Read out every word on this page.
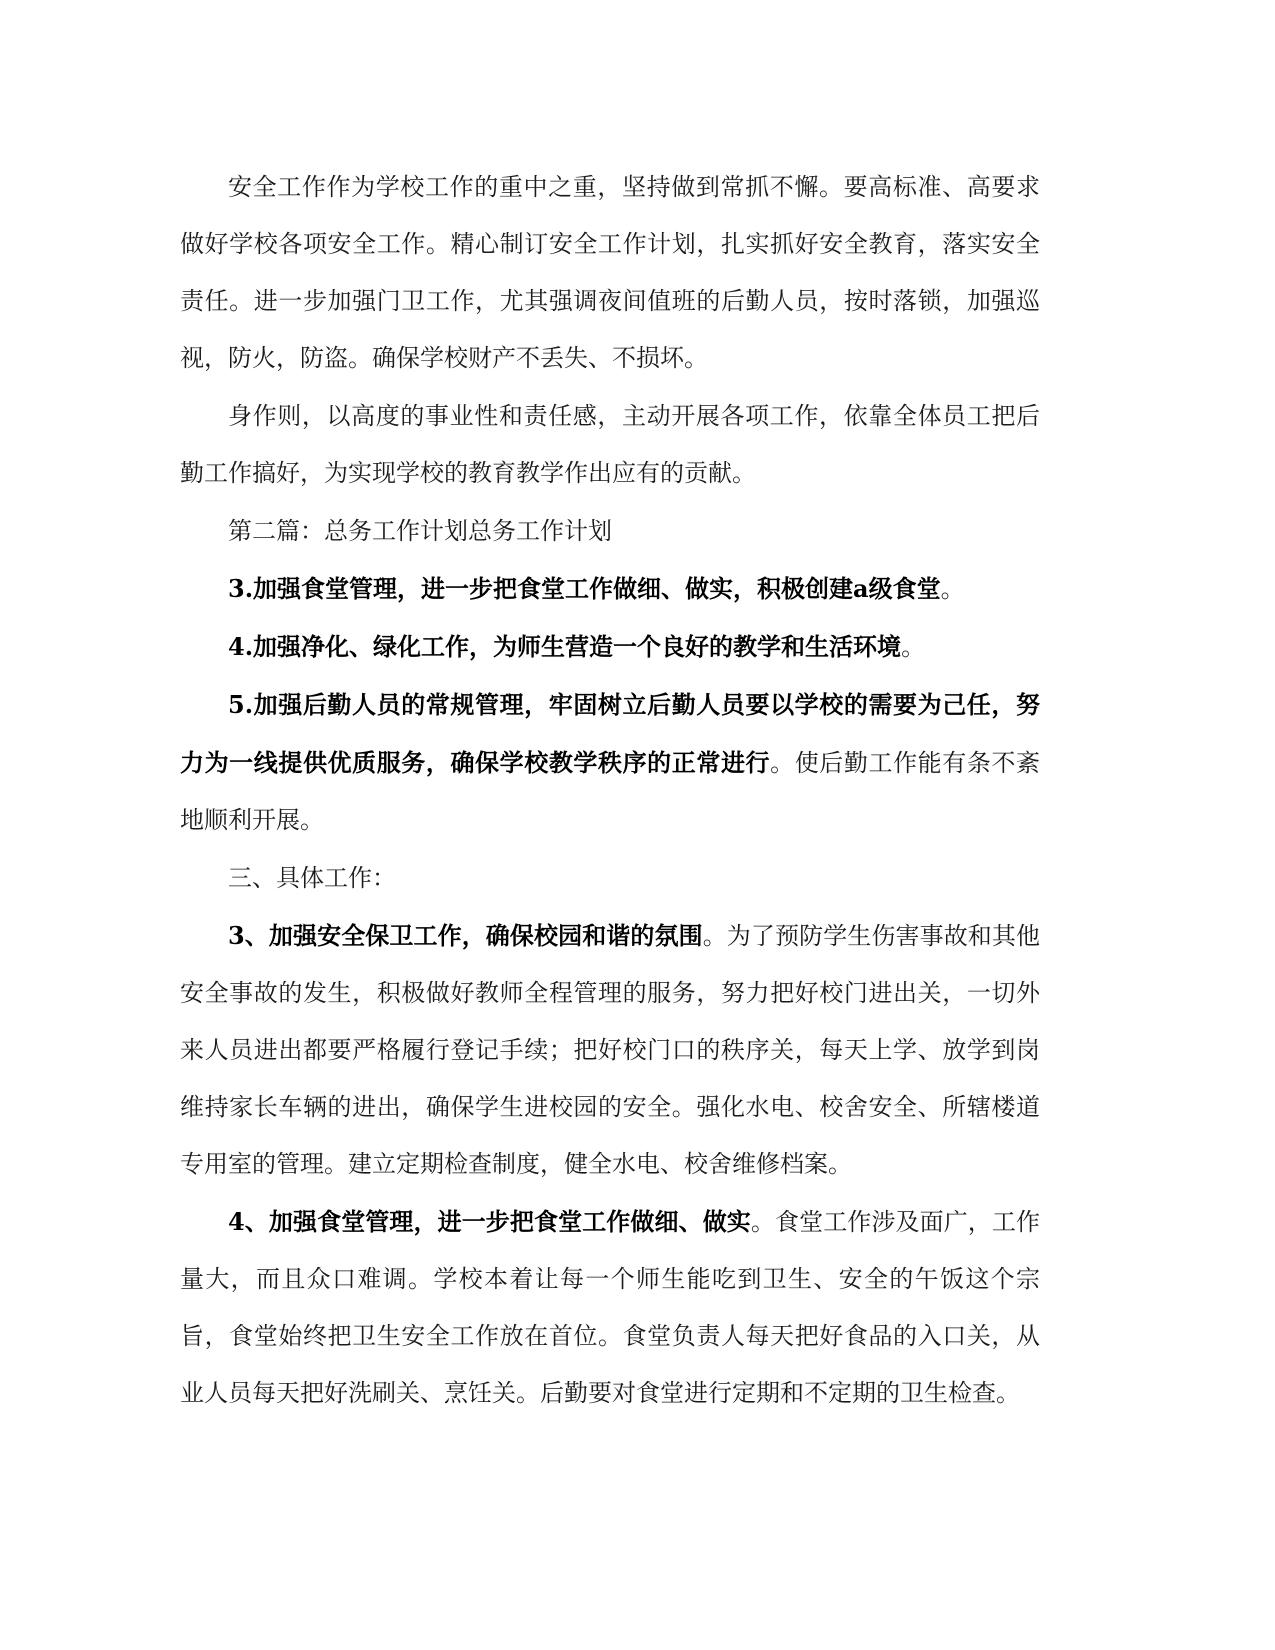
安全工作作为学校工作的重中之重，坚持做到常抓不懈。要高标准、高要求做好学校各项安全工作。精心制订安全工作计划，扎实抓好安全教育，落实安全责任。进一步加强门卫工作，尤其强调夜间值班的后勤人员，按时落锁，加强巡视，防火，防盗。确保学校财产不丢失、不损坏。

身作则，以高度的事业性和责任感，主动开展各项工作，依靠全体员工把后勤工作搞好，为实现学校的教育教学作出应有的贡献。

第二篇：总务工作计划总务工作计划

3.加强食堂管理，进一步把食堂工作做细、做实，积极创建a级食堂。

4.加强净化、绿化工作，为师生营造一个良好的教学和生活环境。

5.加强后勤人员的常规管理，牢固树立后勤人员要以学校的需要为己任，努力为一线提供优质服务，确保学校教学秩序的正常进行。使后勤工作能有条不紊地顺利开展。

三、具体工作：

3、加强安全保卫工作，确保校园和谐的氛围。为了预防学生伤害事故和其他安全事故的发生，积极做好教师全程管理的服务，努力把好校门进出关，一切外来人员进出都要严格履行登记手续；把好校门口的秩序关，每天上学、放学到岗维持家长车辆的进出，确保学生进校园的安全。强化水电、校舍安全、所辖楼道专用室的管理。建立定期检查制度，健全水电、校舍维修档案。

4、加强食堂管理，进一步把食堂工作做细、做实。食堂工作涉及面广，工作量大，而且众口难调。学校本着让每一个师生能吃到卫生、安全的午饭这个宗旨，食堂始终把卫生安全工作放在首位。食堂负责人每天把好食品的入口关，从业人员每天把好洗刷关、烹饪关。后勤要对食堂进行定期和不定期的卫生检查。
